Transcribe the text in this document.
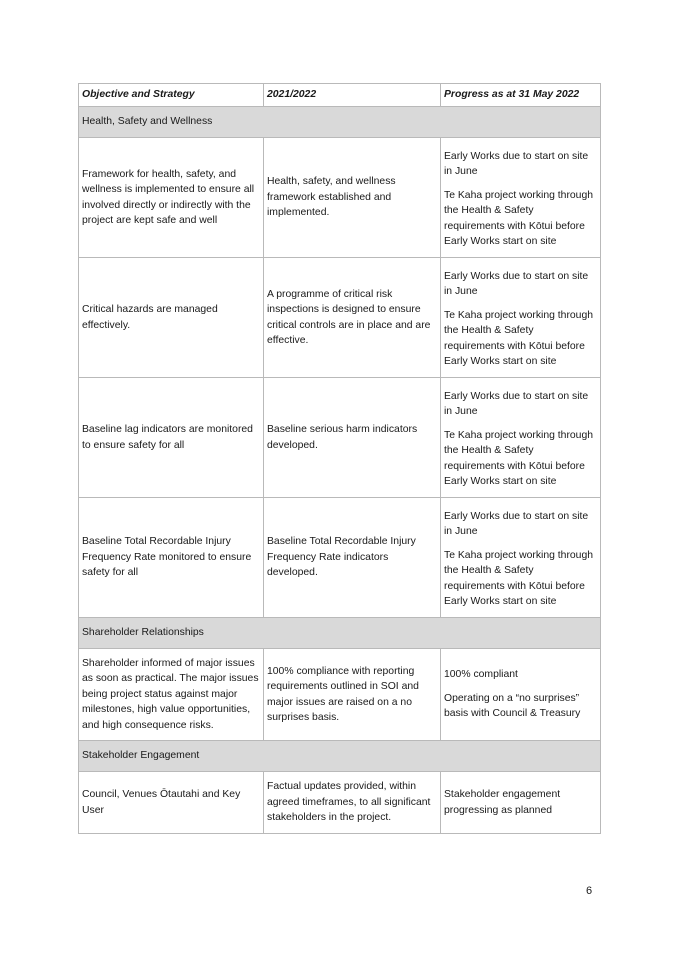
Objective and Strategy	2021/2022	Progress as at 31 May 2022
Health, Safety and Wellness		
Framework for health, safety, and wellness is implemented to ensure all involved directly or indirectly with the project are kept safe and well	Health, safety, and wellness framework established and implemented.	Early Works due to start on site in June

Te Kaha project working through the Health & Safety requirements with Kōtui before Early Works start on site

Critical hazards are managed effectively.	A programme of critical risk inspections is designed to ensure critical controls are in place and are effective.	Early Works due to start on site in June

Te Kaha project working through the Health & Safety requirements with Kōtui before Early Works start on site

Baseline lag indicators are monitored to ensure safety for all	Baseline serious harm indicators developed.	Early Works due to start on site in June

Te Kaha project working through the Health & Safety requirements with Kōtui before Early Works start on site

Baseline Total Recordable Injury Frequency Rate monitored to ensure safety for all	Baseline Total Recordable Injury Frequency Rate indicators developed.	Early Works due to start on site in June

Te Kaha project working through the Health & Safety requirements with Kōtui before Early Works start on site

Shareholder Relationships		
Shareholder informed of major issues as soon as practical. The major issues being project status against major milestones, high value opportunities, and high consequence risks.	100% compliance with reporting requirements outlined in SOI and major issues are raised on a no surprises basis.	100% compliant

Operating on a “no surprises” basis with Council & Treasury

Stakeholder Engagement		
Council, Venues Ōtautahi and Key User	Factual updates provided, within agreed timeframes, to all significant stakeholders in the project.	Stakeholder engagement progressing as planned

6
